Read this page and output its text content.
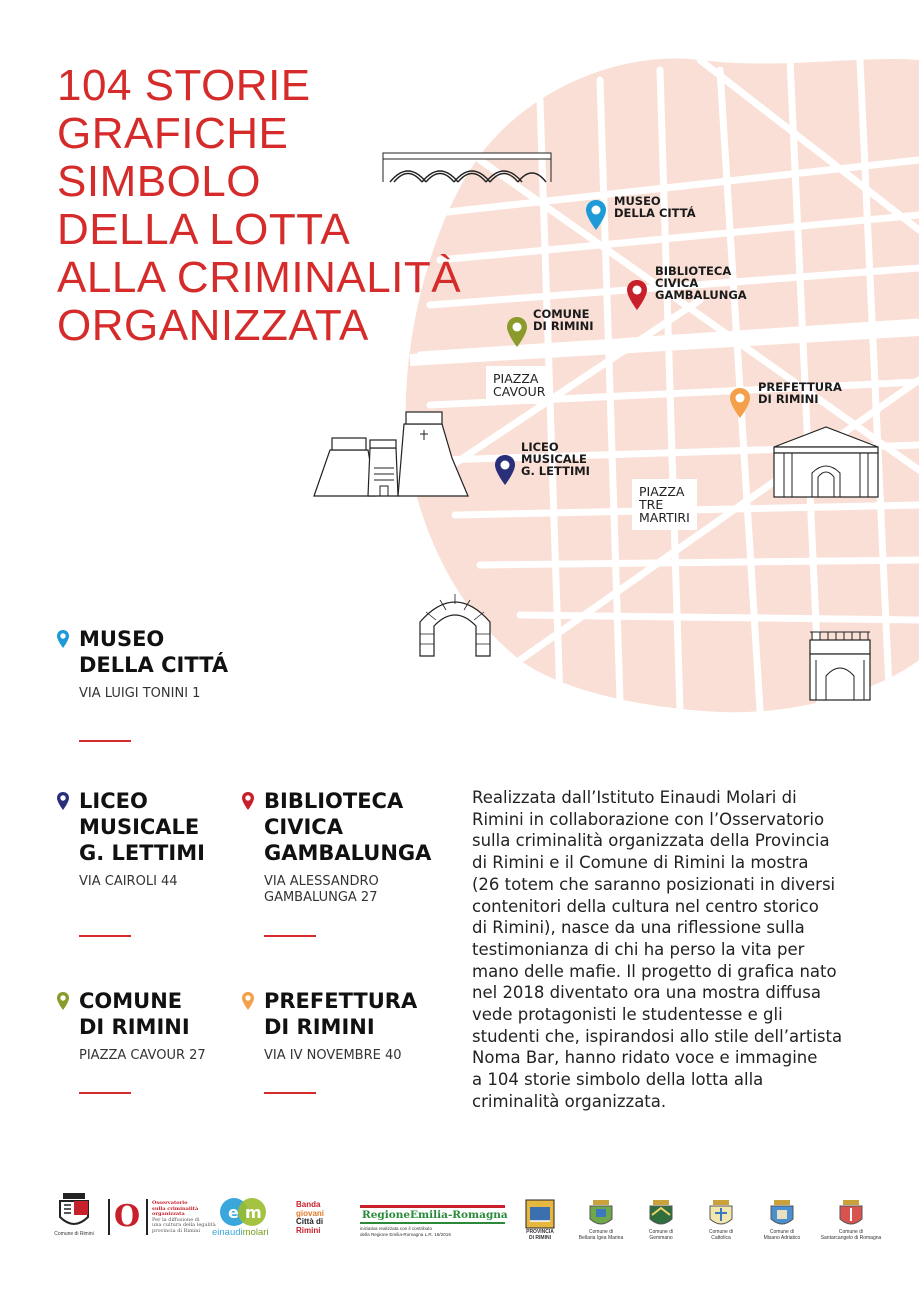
MUSEO
DELLA CITTÁ
BIBLIOTECA
CIVICA
GAMBALUNGA
COMUNE
DI RIMINI
PREFETTURA
DI RIMINI
LICEO
MUSICALE
G. LETTIMI
PIAZZA
CAVOUR
PIAZZA
TRE
MARTIRI
104 STORIE
GRAFICHE
SIMBOLO
DELLA LOTTA
ALLA CRIMINALITÀ
ORGANIZZATA
MUSEO
DELLA CITTÁ
VIA LUIGI TONINI 1
LICEO
MUSICALE
G. LETTIMI
VIA CAIROLI 44
BIBLIOTECA
CIVICA
GAMBALUNGA
VIA ALESSANDRO
GAMBALUNGA 27
COMUNE
DI RIMINI
PIAZZA CAVOUR 27
PREFETTURA
DI RIMINI
VIA IV NOVEMBRE 40

Realizzata dall’Istituto Einaudi Molari di
Rimini in collaborazione con l’Osservatorio
sulla criminalità organizzata della Provincia
di Rimini e il Comune di Rimini la mostra
(26 totem che saranno posizionati in diversi
contenitori della cultura nel centro storico
di Rimini), nasce da una riflessione sulla
testimonianza di chi ha perso la vita per
mano delle mafie. Il progetto di grafica nato
nel 2018 diventato ora una mostra diffusa
vede protagonisti le studentesse e gli
studenti che, ispirandosi allo stile dell’artista
Noma Bar, hanno ridato voce e immagine
a 104 storie simbolo della lotta alla
criminalità organizzata.

Comune di Rimini O Osservatorio
sulla criminalità
organizzata
Per la diffusione di
una cultura della legalità
provincia di Rimini
e m
einaudimolari
Banda
giovani
Città di
Rimini
RegioneEmilia-Romagna
iniziativa realizzata con il contributo
della Regione Emilia-Romagna L.R. 18/2016	PROVINCIA
DI RIMINI
Comune di
Bellaria Igea Marina
Comune di
Gemmano
Comune di
Cattolica
Comune di
Misano Adriatico
Comune di
Santarcangelo di Romagna
